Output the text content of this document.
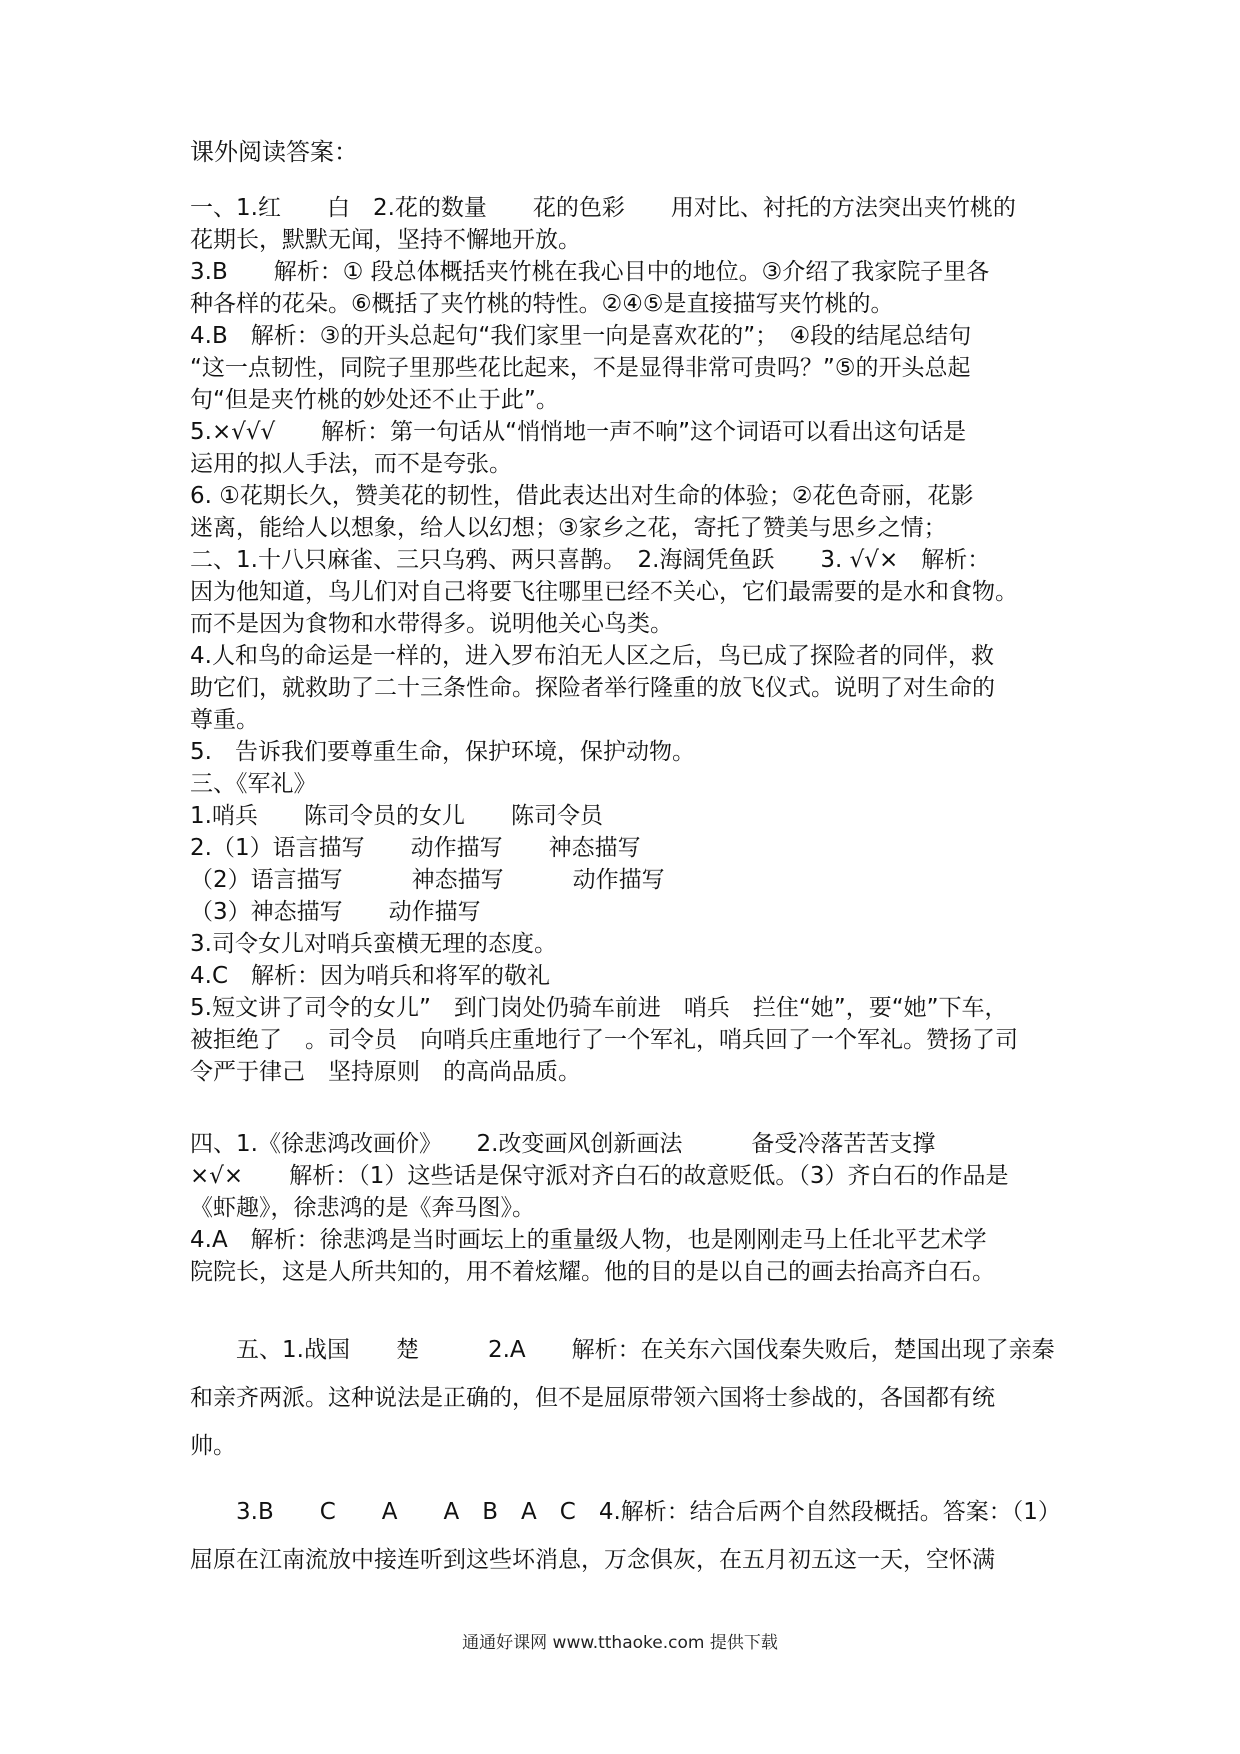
课外阅读答案：
一、1.红　　白　2.花的数量　　花的色彩　　用对比、衬托的方法突出夹竹桃的
花期长，默默无闻，坚持不懈地开放。
3.B　　解析：① 段总体概括夹竹桃在我心目中的地位。③介绍了我家院子里各
种各样的花朵。⑥概括了夹竹桃的特性。②④⑤是直接描写夹竹桃的。
4.B　解析：③的开头总起句“我们家里一向是喜欢花的”；　④段的结尾总结句
“这一点韧性，同院子里那些花比起来，不是显得非常可贵吗？”⑤的开头总起
句“但是夹竹桃的妙处还不止于此”。
5.×√√√　　解析：第一句话从“悄悄地一声不响”这个词语可以看出这句话是
运用的拟人手法，而不是夸张。
6. ①花期长久，赞美花的韧性，借此表达出对生命的体验；②花色奇丽，花影
迷离，能给人以想象，给人以幻想；③家乡之花，寄托了赞美与思乡之情；
二、1.十八只麻雀、三只乌鸦、两只喜鹊。　2.海阔凭鱼跃　　3. √√×　解析：
因为他知道，鸟儿们对自己将要飞往哪里已经不关心，它们最需要的是水和食物。
而不是因为食物和水带得多。说明他关心鸟类。
4.人和鸟的命运是一样的，进入罗布泊无人区之后，鸟已成了探险者的同伴，救
助它们，就救助了二十三条性命。探险者举行隆重的放飞仪式。说明了对生命的
尊重。
5.　告诉我们要尊重生命，保护环境，保护动物。
三、《军礼》
1.哨兵　　陈司令员的女儿　　陈司令员
2.（1）语言描写　　动作描写　　神态描写
（2）语言描写　　　神态描写　　　动作描写
（3）神态描写　　动作描写
3.司令女儿对哨兵蛮横无理的态度。
4.C　解析：因为哨兵和将军的敬礼
5.短文讲了司令的女儿”　到门岗处仍骑车前进　哨兵　拦住“她”，要“她”下车，
被拒绝了　。司令员　向哨兵庄重地行了一个军礼，哨兵回了一个军礼。赞扬了司
令严于律己　坚持原则　的高尚品质。
四、1.《徐悲鸿改画价》　　2.改变画风创新画法　　　备受冷落苦苦支撑
×√×　　解析：（1）这些话是保守派对齐白石的故意贬低。（3）齐白石的作品是
《虾趣》，徐悲鸿的是《奔马图》。
4.A　解析：徐悲鸿是当时画坛上的重量级人物，也是刚刚走马上任北平艺术学
院院长，这是人所共知的，用不着炫耀。他的目的是以自己的画去抬高齐白石。
　　五、1.战国　　楚　　　2.A　　解析：在关东六国伐秦失败后，楚国出现了亲秦
和亲齐两派。这种说法是正确的，但不是屈原带领六国将士参战的，各国都有统
帅。
　　3.B　　C　　A　　A　B　A　C　4.解析：结合后两个自然段概括。答案：（1）
屈原在江南流放中接连听到这些坏消息，万念俱灰，在五月初五这一天，空怀满
通通好课网 www.tthaoke.com 提供下载
